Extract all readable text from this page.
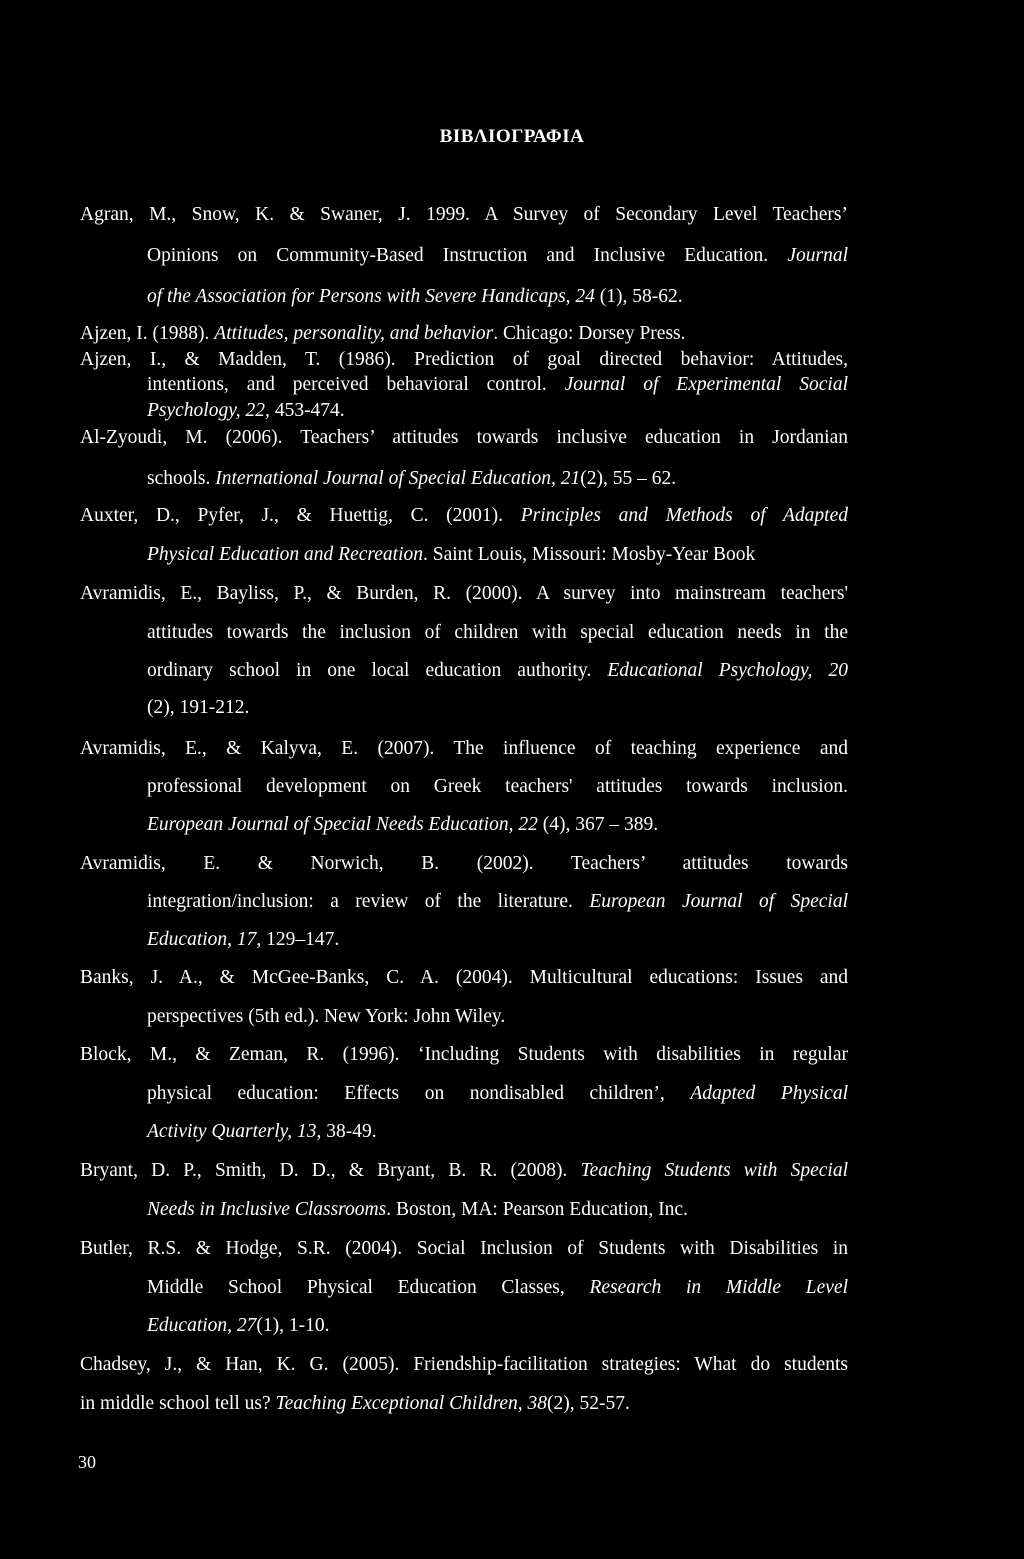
ΒΙΒΛΙΟΓΡΑΦΙΑ
Agran, M., Snow, K. & Swaner, J. 1999. A Survey of Secondary Level Teachers’
Opinions on Community-Based Instruction and Inclusive Education. Journal
of the Association for Persons with Severe Handicaps, 24 (1), 58-62.
Ajzen, I. (1988). Attitudes, personality, and behavior. Chicago: Dorsey Press.
Ajzen, I., & Madden, T. (1986). Prediction of goal directed behavior: Attitudes,
intentions, and perceived behavioral control. Journal of Experimental Social
Psychology, 22, 453-474.
Al-Zyoudi, M. (2006). Teachers’ attitudes towards inclusive education in Jordanian
schools. International Journal of Special Education, 21(2), 55 – 62.
Auxter, D., Pyfer, J., & Huettig, C. (2001). Principles and Methods of Adapted
Physical Education and Recreation. Saint Louis, Missouri: Mosby-Year Book
Avramidis, E., Bayliss, P., & Burden, R. (2000). A survey into mainstream teachers'
attitudes towards the inclusion of children with special education needs in the
ordinary school in one local education authority. Educational Psychology, 20
(2), 191-212.
Avramidis, E., & Kalyva, E. (2007). The influence of teaching experience and
professional development on Greek teachers' attitudes towards inclusion.
European Journal of Special Needs Education, 22 (4), 367 – 389.
Avramidis, E. & Norwich, B. (2002). Teachers’ attitudes towards
integration/inclusion: a review of the literature. European Journal of Special
Education, 17, 129–147.
Banks, J. A., & McGee-Banks, C. A. (2004). Multicultural educations: Issues and
perspectives (5th ed.). New York: John Wiley.
Block, M., & Zeman, R. (1996). ‘Including Students with disabilities in regular
physical education: Effects on nondisabled children’, Adapted Physical
Activity Quarterly, 13, 38-49.
Bryant, D. P., Smith, D. D., & Bryant, B. R. (2008). Teaching Students with Special
Needs in Inclusive Classrooms. Boston, MA: Pearson Education, Inc.
Butler, R.S. & Hodge, S.R. (2004). Social Inclusion of Students with Disabilities in
Middle School Physical Education Classes, Research in Middle Level
Education, 27(1), 1-10.
Chadsey, J., & Han, K. G. (2005). Friendship-facilitation strategies: What do students
in middle school tell us? Teaching Exceptional Children, 38(2), 52-57.
30
